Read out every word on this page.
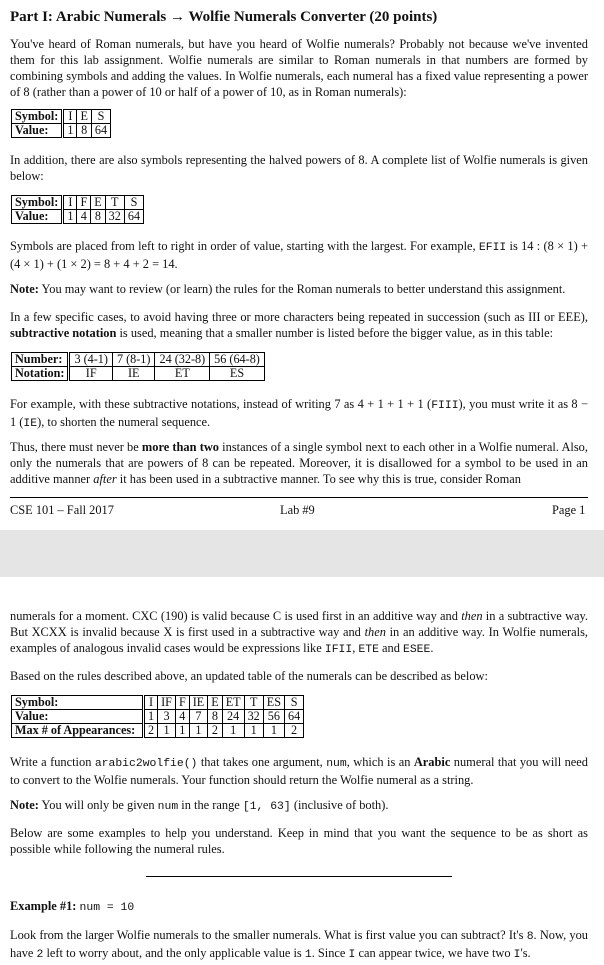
Part I: Arabic Numerals → Wolfie Numerals Converter (20 points)

You've heard of Roman numerals, but have you heard of Wolfie numerals? Probably not because we've invented them for this lab assignment. Wolfie numerals are similar to Roman numerals in that numbers are formed by combining symbols and adding the values. In Wolfie numerals, each numeral has a fixed value representing a power of 8 (rather than a power of 10 or half of a power of 10, as in Roman numerals):

Symbol:	I	E	S
Value:	1	8	64

In addition, there are also symbols representing the halved powers of 8. A complete list of Wolfie numerals is given below:

Symbol:	I	F	E	T	S
Value:	1	4	8	32	64

Symbols are placed from left to right in order of value, starting with the largest. For example, EFII is 14 : (8 × 1) + (4 × 1) + (1 × 2) = 8 + 4 + 2 = 14.

Note: You may want to review (or learn) the rules for the Roman numerals to better understand this assignment.

In a few specific cases, to avoid having three or more characters being repeated in succession (such as III or EEE), subtractive notation is used, meaning that a smaller number is listed before the bigger value, as in this table:

Number:	3 (4-1)	7 (8-1)	24 (32-8)	56 (64-8)
Notation:	IF	IE	ET	ES

For example, with these subtractive notations, instead of writing 7 as 4 + 1 + 1 + 1 (FIII), you must write it as 8 − 1 (IE), to shorten the numeral sequence.

Thus, there must never be more than two instances of a single symbol next to each other in a Wolfie numeral. Also, only the numerals that are powers of 8 can be repeated. Moreover, it is disallowed for a symbol to be used in an additive manner after it has been used in a subtractive manner. To see why this is true, consider Roman

CSE 101 – Fall 2017	Lab #9	Page 1

numerals for a moment. CXC (190) is valid because C is used first in an additive way and then in a subtractive way. But XCXX is invalid because X is first used in a subtractive way and then in an additive way. In Wolfie numerals, examples of analogous invalid cases would be expressions like IFII, ETE and ESEE.

Based on the rules described above, an updated table of the numerals can be described as below:

Symbol:	I	IF	F	IE	E	ET	T	ES	S
Value:	1	3	4	7	8	24	32	56	64
Max # of Appearances:	2	1	1	1	2	1	1	1	2

Write a function arabic2wolfie() that takes one argument, num, which is an Arabic numeral that you will need to convert to the Wolfie numerals. Your function should return the Wolfie numeral as a string.

Note: You will only be given num in the range [1, 63] (inclusive of both).

Below are some examples to help you understand. Keep in mind that you want the sequence to be as short as possible while following the numeral rules.

Example #1: num = 10

Look from the larger Wolfie numerals to the smaller numerals. What is first value you can subtract? It's 8. Now, you have 2 left to worry about, and the only applicable value is 1. Since I can appear twice, we have two I's.
